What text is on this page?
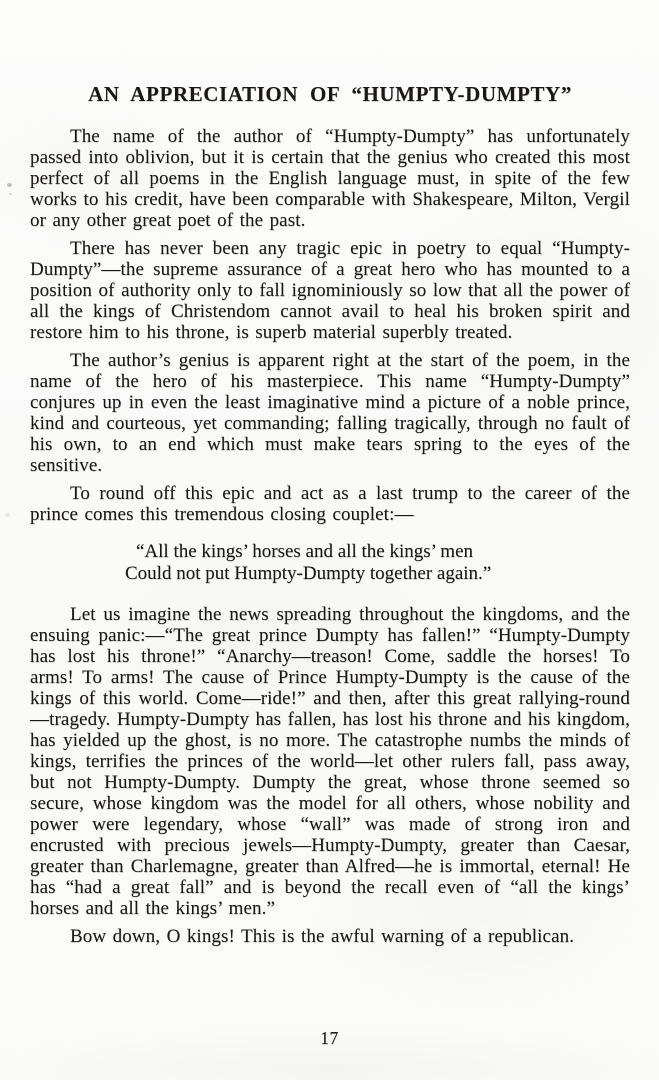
AN APPRECIATION OF “HUMPTY-DUMPTY”

The name of the author of “Humpty-Dumpty” has unfortunately passed into oblivion, but it is certain that the genius who created this most perfect of all poems in the English language must, in spite of the few works to his credit, have been comparable with Shakespeare, Milton, Vergil or any other great poet of the past.

There has never been any tragic epic in poetry to equal “Humpty-Dumpty”—the supreme assurance of a great hero who has mounted to a position of authority only to fall ignominiously so low that all the power of all the kings of Christendom cannot avail to heal his broken spirit and restore him to his throne, is superb material superbly treated.

The author’s genius is apparent right at the start of the poem, in the name of the hero of his masterpiece. This name “Humpty-Dumpty” conjures up in even the least imaginative mind a picture of a noble prince, kind and courteous, yet commanding; falling tragically, through no fault of his own, to an end which must make tears spring to the eyes of the sensitive.

To round off this epic and act as a last trump to the career of the prince comes this tremendous closing couplet:—

“All the kings’ horses and all the kings’ men
Could not put Humpty-Dumpty together again.”

Let us imagine the news spreading throughout the kingdoms, and the ensuing panic:—“The great prince Dumpty has fallen!” “Humpty-Dumpty has lost his throne!” “Anarchy—treason! Come, saddle the horses! To arms! To arms! The cause of Prince Humpty-Dumpty is the cause of the kings of this world. Come—ride!” and then, after this great rallying-round—tragedy. Humpty-Dumpty has fallen, has lost his throne and his kingdom, has yielded up the ghost, is no more. The catastrophe numbs the minds of kings, terrifies the princes of the world—let other rulers fall, pass away, but not Humpty-Dumpty. Dumpty the great, whose throne seemed so secure, whose kingdom was the model for all others, whose nobility and power were legendary, whose “wall” was made of strong iron and encrusted with precious jewels—Humpty-Dumpty, greater than Caesar, greater than Charlemagne, greater than Alfred—he is immortal, eternal! He has “had a great fall” and is beyond the recall even of “all the kings’ horses and all the kings’ men.”

Bow down, O kings! This is the awful warning of a republican.

17
